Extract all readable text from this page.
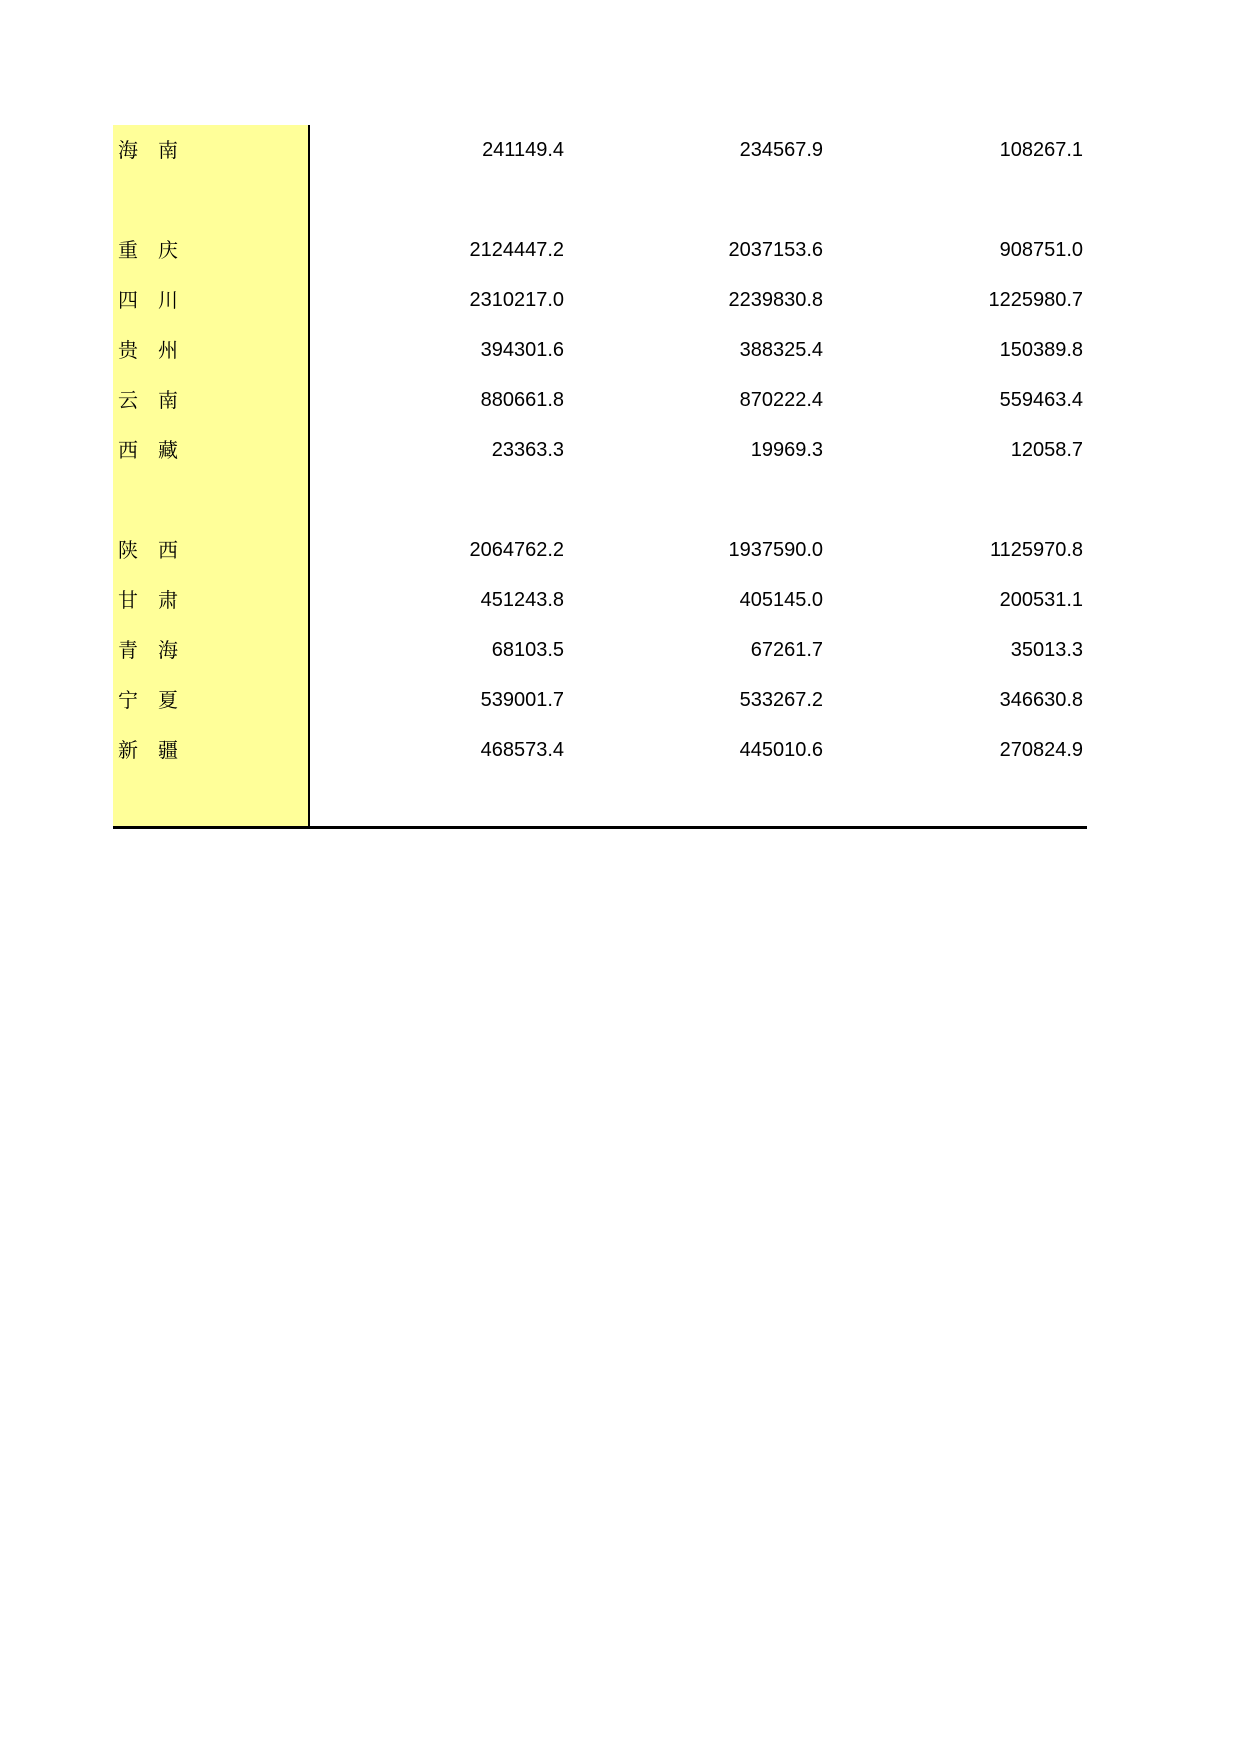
海南	241149.4	234567.9	108267.1
重庆	2124447.2	2037153.6	908751.0
四川	2310217.0	2239830.8	1225980.7
贵州	394301.6	388325.4	150389.8
云南	880661.8	870222.4	559463.4
西藏	23363.3	19969.3	12058.7
陕西	2064762.2	1937590.0	1125970.8
甘肃	451243.8	405145.0	200531.1
青海	68103.5	67261.7	35013.3
宁夏	539001.7	533267.2	346630.8
新疆	468573.4	445010.6	270824.9
